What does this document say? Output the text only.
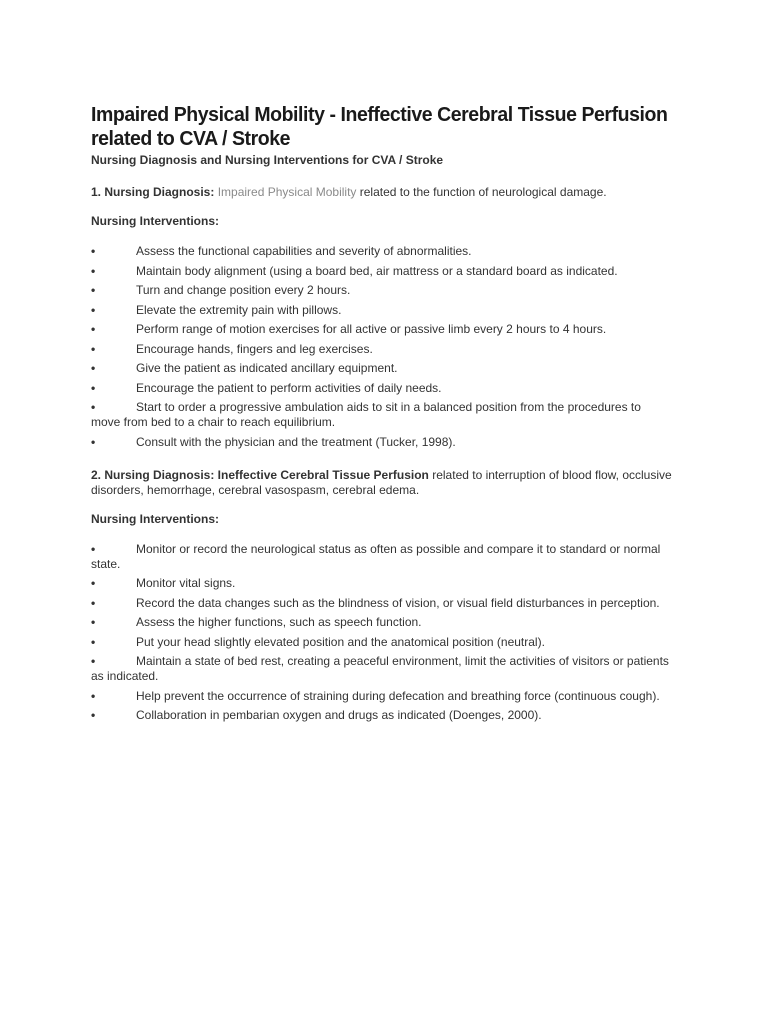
Impaired Physical Mobility - Ineffective Cerebral Tissue Perfusion related to CVA / Stroke

Nursing Diagnosis and Nursing Interventions for CVA / Stroke

1. Nursing Diagnosis: Impaired Physical Mobility related to the function of neurological damage.

Nursing Interventions:

•	Assess the functional capabilities and severity of abnormalities.
•	Maintain body alignment (using a board bed, air mattress or a standard board as indicated.
•	Turn and change position every 2 hours.
•	Elevate the extremity pain with pillows.
•	Perform range of motion exercises for all active or passive limb every 2 hours to 4 hours.
•	Encourage hands, fingers and leg exercises.
•	Give the patient as indicated ancillary equipment.
•	Encourage the patient to perform activities of daily needs.
•	Start to order a progressive ambulation aids to sit in a balanced position from the procedures to move from bed to a chair to reach equilibrium.
•	Consult with the physician and the treatment (Tucker, 1998).

2. Nursing Diagnosis: Ineffective Cerebral Tissue Perfusion related to interruption of blood flow, occlusive disorders, hemorrhage, cerebral vasospasm, cerebral edema.

Nursing Interventions:

•	Monitor or record the neurological status as often as possible and compare it to standard or normal state.
•	Monitor vital signs.
•	Record the data changes such as the blindness of vision, or visual field disturbances in perception.
•	Assess the higher functions, such as speech function.
•	Put your head slightly elevated position and the anatomical position (neutral).
•	Maintain a state of bed rest, creating a peaceful environment, limit the activities of visitors or patients as indicated.
•	Help prevent the occurrence of straining during defecation and breathing force (continuous cough).
•	Collaboration in pembarian oxygen and drugs as indicated (Doenges, 2000).
